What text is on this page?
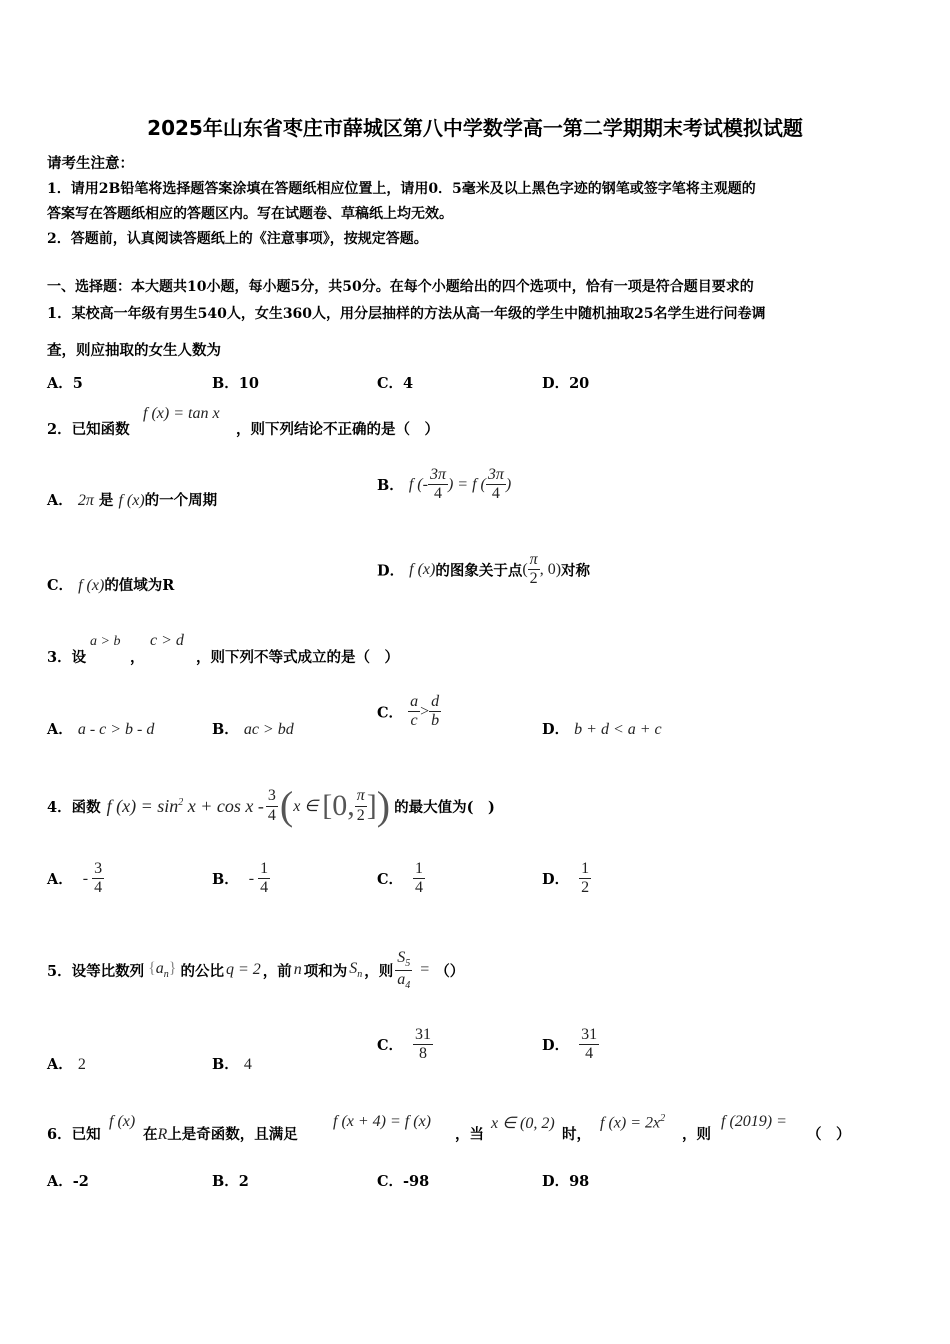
2025年山东省枣庄市薛城区第八中学数学高一第二学期期末考试模拟试题
请考生注意：
1．请用2B铅笔将选择题答案涂填在答题纸相应位置上，请用0．5毫米及以上黑色字迹的钢笔或签字笔将主观题的
答案写在答题纸相应的答题区内。写在试题卷、草稿纸上均无效。
2．答题前，认真阅读答题纸上的《注意事项》，按规定答题。
一、选择题：本大题共10小题，每小题5分，共50分。在每个小题给出的四个选项中，恰有一项是符合题目要求的
1．某校高一年级有男生540人，女生360人，用分层抽样的方法从高一年级的学生中随机抽取25名学生进行问卷调
查，则应抽取的女生人数为
A．5	B．10	C．4	D．20
2．已知函数
f (x) = tan x
，则下列结论不正确的是（　）
A． 2π 是 f (x)的一个周期
B． f (- $\frac{3\pi}{4}$ ) = f ( $\frac{3\pi}{4}$ )
C． f (x)的值域为R
D． f (x)的图象关于点( $\frac{\pi}{2}$ , 0)对称
3．设
a > b
，
c > d
，则下列不等式成立的是（　）
A． a - c > b - d	B． ac > bd
C． $\frac{a}{c} > \frac{d}{b}$	D． b + d < a + c
4． 函数 f $(x) = \sin^2 x + \cos x - \frac{3}{4}$ ( x ∈ [0, $\frac{\pi}{2}$ ] ) 的最大值为(　)
A． - $\frac{3}{4}$	B． - $\frac{1}{4}$	C． $\frac{1}{4}$	D． $\frac{1}{2}$
5． 设等比数列 $\{a_n\}$ 的公比 q = 2 ，前 n 项和为 $S_n$ ，则 $\frac{S_5}{a_4}$ = （）
A． 2	B． 4
C． $\frac{31}{8}$	D． $\frac{31}{4}$
6．已知
f (x)
在R上是奇函数，且满足
f (x + 4) = f (x)
，当
x ∈ (0, 2)
时，
f $(x) = 2x^2$
，则
f (2019) =
（　）
A．-2	B．2	C．-98	D．98
